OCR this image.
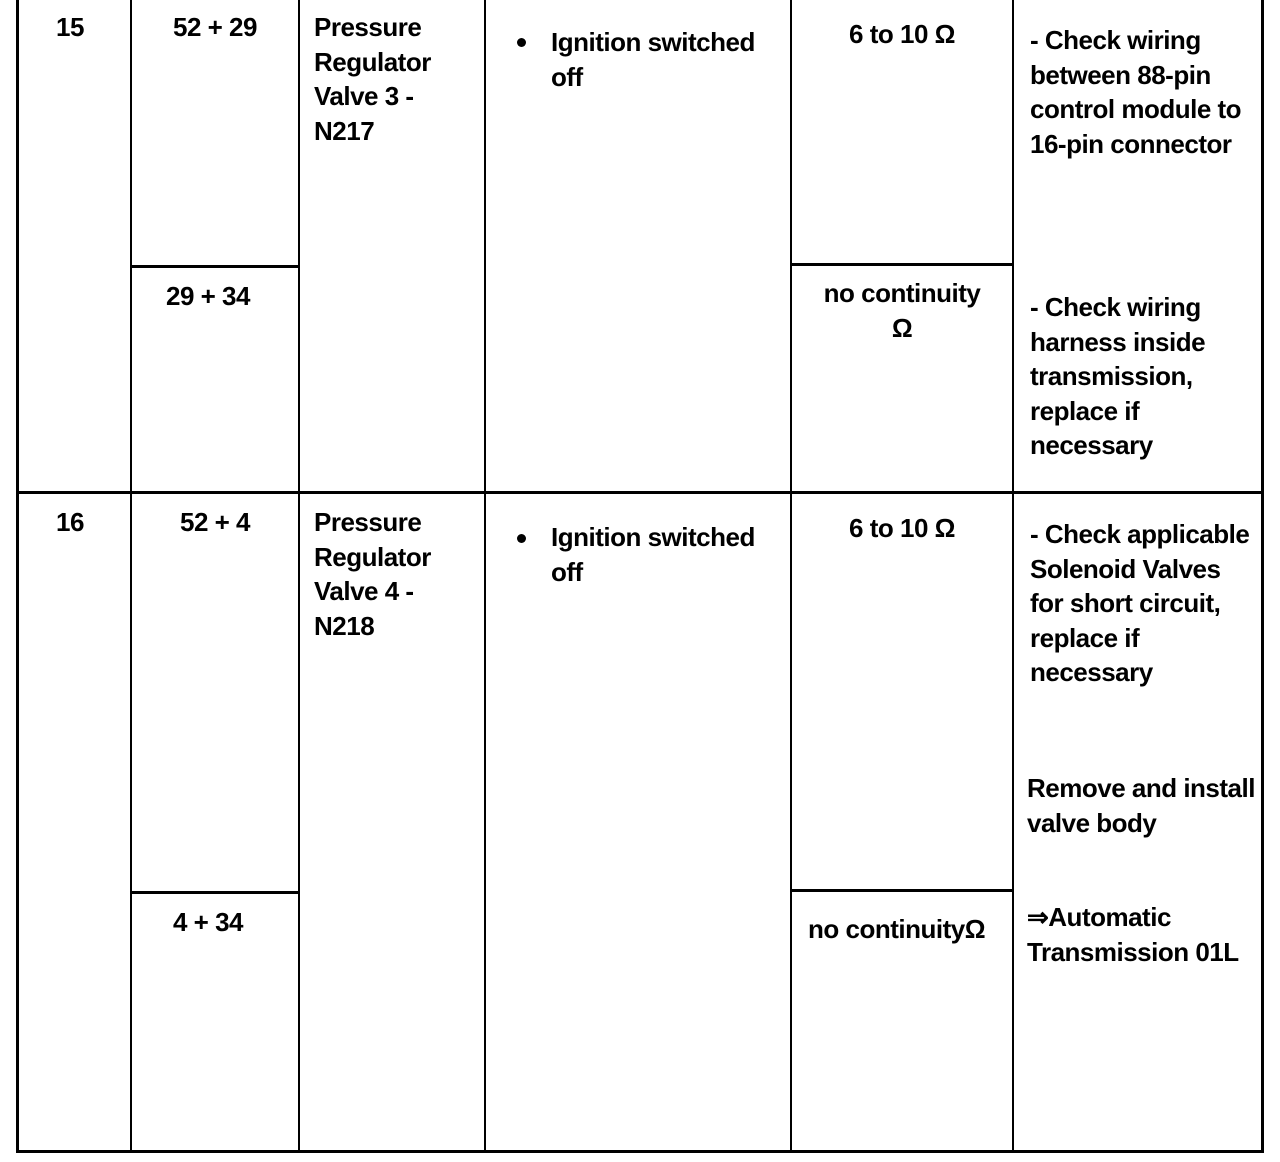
15	52 + 29
29 + 34
Pressure Regulator Valve 3 - N217
Ignition switched off
6 to 10 Ω
no continuity Ω
- Check wiring between 88-pin control module to 16-pin connector
- Check wiring harness inside transmission, replace if necessary
16	52 + 4
4 + 34
Pressure Regulator Valve 4 - N218
Ignition switched off
6 to 10 Ω
no continuityΩ
- Check applicable Solenoid Valves for short circuit, replace if necessary
Remove and install valve body
⇒Automatic Transmission 01L
